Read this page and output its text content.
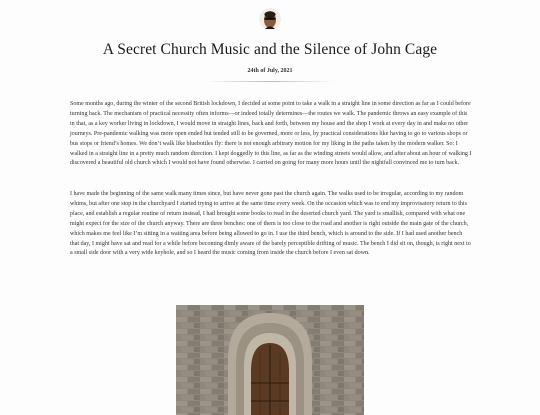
A Secret Church Music and the Silence of John Cage
24th of July, 2021

Some months ago, during the winter of the second British lockdown, I decided at some point to take a walk in a straight line in some direction as far as I could before turning back. The mechanism of practical necessity often informs—or indeed totally determines—the routes we walk. The pandemic throws an easy example of this in that, as a key worker living in lockdown, I would move in straight lines, back and forth, between my house and the shop I work at every day in and make no other journeys. Pre-pandemic walking was more open ended but tended still to be governed, more or less, by practical considerations like having to go to various shops or bus stops or friend’s homes. We don’t walk like bluebottles fly: there is not enough arbitrary motion for my liking in the paths taken by the modern walker. So: I walked in a straight line in a pretty much random direction. I kept doggedly to this line, as far as the winding streets would allow, and after about an hour of walking I discovered a beautiful old church which I would not have found otherwise. I carried on going for many more hours until the nightfall convinced me to turn back.

I have made the beginning of the same walk many times since, but have never gone past the church again. The walks used to be irregular, according to my random whims, but after one stop in the churchyard I started trying to arrive at the same time every week. On the occasion which was to end my improvisatory return to this place, and establish a regular routine of return instead, I had brought some books to read in the deserted church yard. The yard is smallish, compared with what one might expect for the size of the church anyway. There are three benches: one of them is too close to the road and another is right outside the main gate of the church, which makes me feel like I’m sitting in a waiting area before being allowed to go in. I use the third bench, which is around to the side. If I had used another bench that day, I might have sat and read for a while before becoming dimly aware of the barely perceptible drifting of music. The bench I did sit on, though, is right next to a small side door with a very wide keyhole, and so I heard the music coming from inside the church before I even sat down.
